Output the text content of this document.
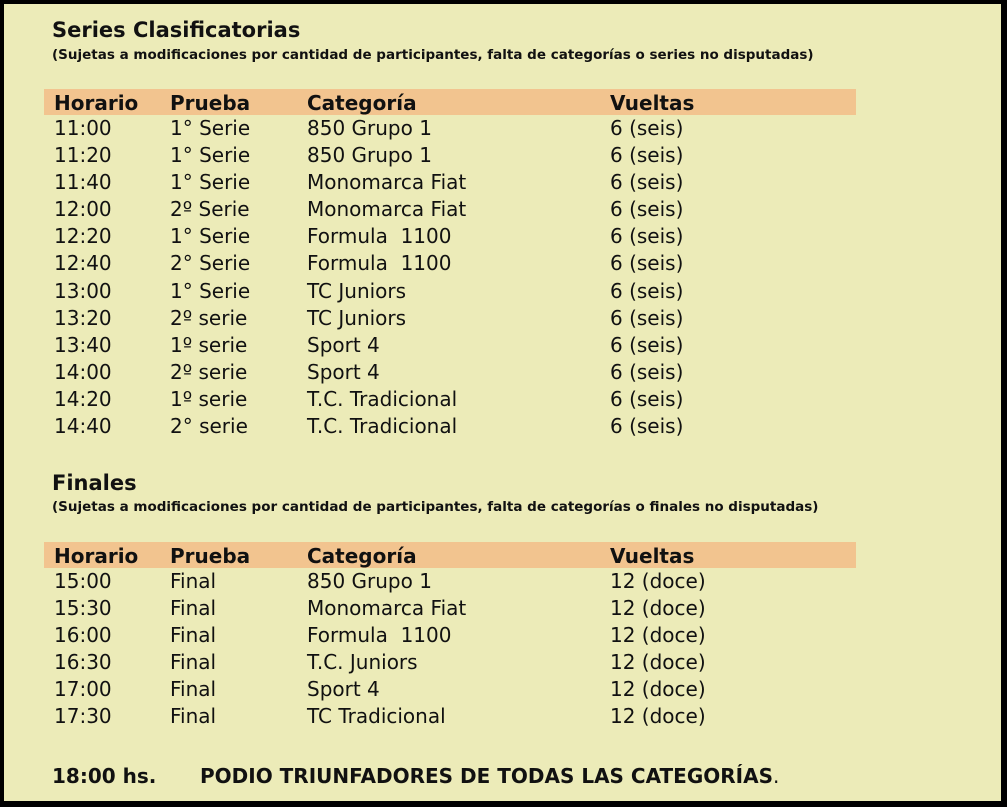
Series Clasificatorias

(Sujetas a modificaciones por cantidad de participantes, falta de categorías o series no disputadas)

Horario Prueba	Categoría	Vueltas
11:00	1° Serie	850 Grupo 1	6 (seis)
11:20	1° Serie	850 Grupo 1	6 (seis)
11:40	1° Serie	Monomarca Fiat	6 (seis)
12:00	2º Serie	Monomarca Fiat	6 (seis)
12:20	1° Serie	Formula  1100	6 (seis)
12:40	2° Serie	Formula  1100	6 (seis)
13:00	1° Serie	TC Juniors	6 (seis)
13:20	2º serie	TC Juniors	6 (seis)
13:40	1º serie	Sport 4	6 (seis)
14:00	2º serie	Sport 4	6 (seis)
14:20	1º serie	T.C. Tradicional	6 (seis)
14:40	2° serie	T.C. Tradicional	6 (seis)
Finales

(Sujetas a modificaciones por cantidad de participantes, falta de categorías o finales no disputadas)

Horario Prueba	Categoría	Vueltas
15:00	Final	850 Grupo 1	12 (doce)
15:30	Final	Monomarca Fiat	12 (doce)
16:00	Final	Formula  1100	12 (doce)
16:30	Final	T.C. Juniors	12 (doce)
17:00	Final	Sport 4	12 (doce)
17:30	Final	TC Tradicional	12 (doce)
18:00 hs. PODIO TRIUNFADORES DE TODAS LAS CATEGORÍAS.
